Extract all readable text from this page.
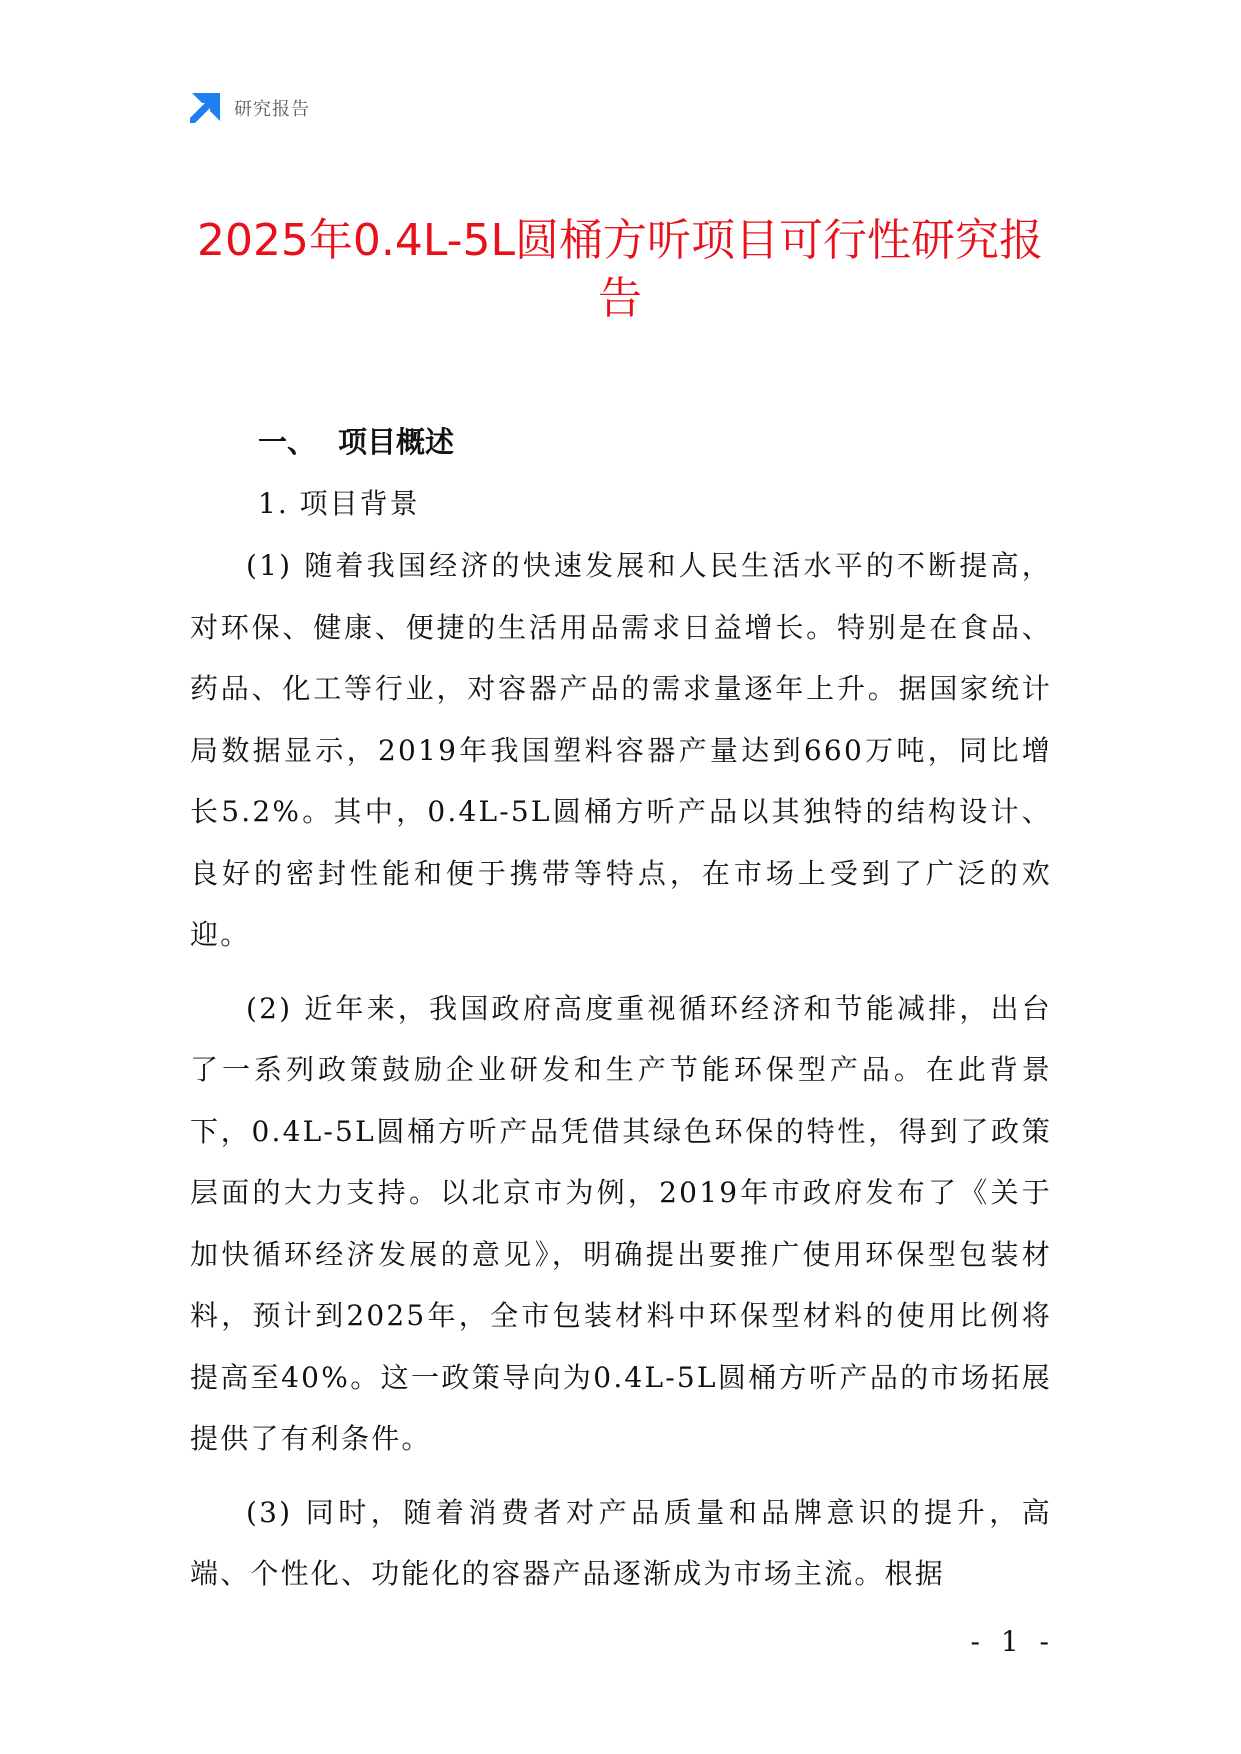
研究报告
2025年0.4L-5L圆桶方听项目可行性研究报告
一、 项目概述
1. 项目背景

(1) 随着我国经济的快速发展和人民生活水平的不断提高，对环保、健康、便捷的生活用品需求日益增长。特别是在食品、药品、化工等行业，对容器产品的需求量逐年上升。据国家统计局数据显示，2019年我国塑料容器产量达到660万吨，同比增长5.2%。其中，0.4L-5L圆桶方听产品以其独特的结构设计、良好的密封性能和便于携带等特点，在市场上受到了广泛的欢迎。

(2) 近年来，我国政府高度重视循环经济和节能减排，出台了一系列政策鼓励企业研发和生产节能环保型产品。在此背景下，0.4L-5L圆桶方听产品凭借其绿色环保的特性，得到了政策层面的大力支持。以北京市为例，2019年市政府发布了《关于加快循环经济发展的意见》，明确提出要推广使用环保型包装材料，预计到2025年，全市包装材料中环保型材料的使用比例将提高至40%。这一政策导向为0.4L-5L圆桶方听产品的市场拓展提供了有利条件。

(3) 同时，随着消费者对产品质量和品牌意识的提升，高端、个性化、功能化的容器产品逐渐成为市场主流。根据

- 1 -
